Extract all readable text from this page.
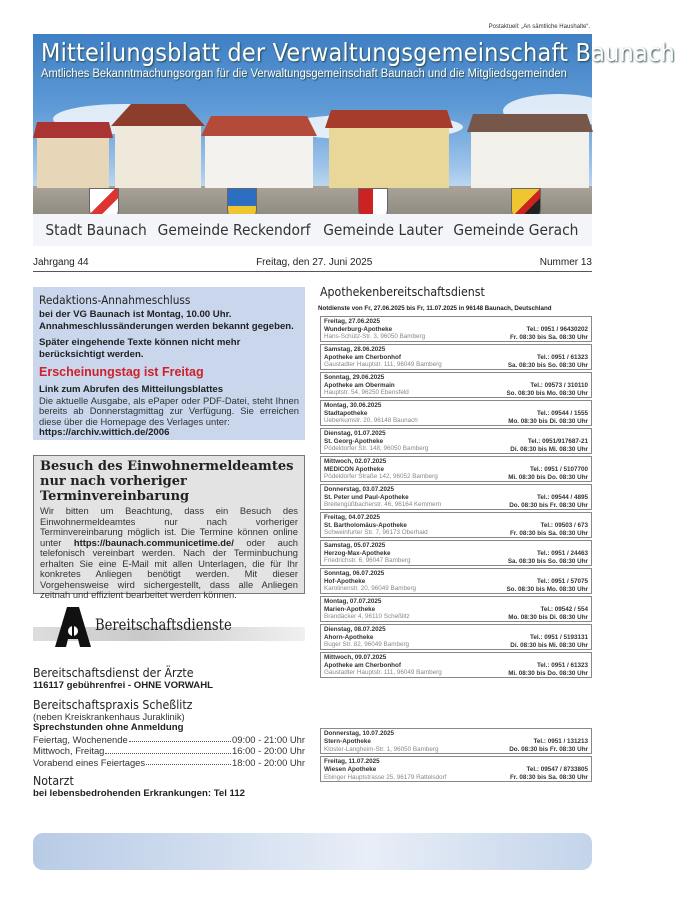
Postaktuell: „An sämtliche Haushalte“.
Mitteilungsblatt der Verwaltungsgemeinschaft Baunach
Amtliches Bekanntmachungsorgan für die Verwaltungsgemeinschaft Baunach und die Mitgliedsgemeinden
Stadt Baunach Gemeinde Reckendorf Gemeinde Lauter Gemeinde Gerach
Jahrgang 44	Freitag, den 27. Juni 2025	Nummer 13
Redaktions-Annahmeschluss
bei der VG Baunach ist Montag, 10.00 Uhr. Annahmeschlussänderungen werden bekannt gegeben.
Später eingehende Texte können nicht mehr berücksichtigt werden.
Erscheinungstag ist Freitag
Link zum Abrufen des Mitteilungsblattes
Die aktuelle Ausgabe, als ePaper oder PDF-Datei, steht Ihnen bereits ab Donnerstagmittag zur Verfügung. Sie erreichen diese über die Homepage des Verlages unter:
https://archiv.wittich.de/2006
Besuch des Einwohnermeldeamtes nur nach vorheriger Terminvereinbarung
Wir bitten um Beachtung, dass ein Besuch des Einwohnermeldeamtes nur nach vorheriger Terminvereinbarung möglich ist. Die Termine können online unter https://baunach.communicetime.de/ oder auch telefonisch vereinbart werden. Nach der Terminbuchung erhalten Sie eine E-Mail mit allen Unterlagen, die für Ihr konkretes Anliegen benötigt werden. Mit dieser Vorgehensweise wird sichergestellt, dass alle Anliegen zeitnah und effizient bearbeitet werden können.
Bereitschaftsdienste
Bereitschaftsdienst der Ärzte
116117 gebührenfrei - OHNE VORWAHL
Bereitschaftspraxis Scheßlitz
(neben Kreiskrankenhaus Juraklinik)
Sprechstunden ohne Anmeldung
Feiertag, Wochenende	09:00 - 21:00 Uhr
Mittwoch, Freitag	16:00 - 20:00 Uhr
Vorabend eines Feiertages	18:00 - 20:00 Uhr
Notarzt
bei lebensbedrohenden Erkrankungen: Tel 112
Apothekenbereitschaftsdienst
Notdienste von Fr, 27.06.2025 bis Fr, 11.07.2025 in 96148 Baunach, Deutschland
Freitag, 27.06.2025
Wunderburg-Apotheke
Hans-Schütz-Str. 3, 96050 Bamberg
Tel.: 0951 / 96430202
Fr. 08:30 bis Sa. 08:30 Uhr
Samstag, 28.06.2025
Apotheke am Cherbonhof
Gaustadter Hauptstr. 111, 96049 Bamberg
Tel.: 0951 / 61323
Sa. 08:30 bis So. 08:30 Uhr
Sonntag, 29.06.2025
Apotheke am Obermain
Hauptstr. 54, 96250 Ebensfeld
Tel.: 09573 / 310110
So. 08:30 bis Mo. 08:30 Uhr
Montag, 30.06.2025
Stadtapotheke
Ueberkumstr. 20, 96148 Baunach
Tel.: 09544 / 1555
Mo. 08:30 bis Di. 08:30 Uhr
Dienstag, 01.07.2025
St. Georg-Apotheke
Pödeldorfer Str. 148, 96050 Bamberg
Tel.: 0951/917687-21
Di. 08:30 bis Mi. 08:30 Uhr
Mittwoch, 02.07.2025
MEDICON Apotheke
Pödeldorfer Straße 142, 96052 Bamberg
Tel.: 0951 / 5107700
Mi. 08:30 bis Do. 08:30 Uhr
Donnerstag, 03.07.2025
St. Peter und Paul-Apotheke
Breitengüßbacherstr. 46, 96164 Kemmern
Tel.: 09544 / 4895
Do. 08:30 bis Fr. 08:30 Uhr
Freitag, 04.07.2025
St. Bartholomäus-Apotheke
Schweinfurter Str. 7, 96173 Oberhaid
Tel.: 09503 / 673
Fr. 08:30 bis Sa. 08:30 Uhr
Samstag, 05.07.2025
Herzog-Max-Apotheke
Friedrichstr. 6, 96047 Bamberg
Tel.: 0951 / 24463
Sa. 08:30 bis So. 08:30 Uhr
Sonntag, 06.07.2025
Hof-Apotheke
Karolinenstr. 20, 96049 Bamberg
Tel.: 0951 / 57075
So. 08:30 bis Mo. 08:30 Uhr
Montag, 07.07.2025
Marien-Apotheke
Brandäcker 4, 96110 Scheßlitz
Tel.: 09542 / 554
Mo. 08:30 bis Di. 08:30 Uhr
Dienstag, 08.07.2025
Ahorn-Apotheke
Buger Str. 82, 96049 Bamberg
Tel.: 0951 / 5193131
Di. 08:30 bis Mi. 08:30 Uhr
Mittwoch, 09.07.2025
Apotheke am Cherbonhof
Gaustadter Hauptstr. 111, 96049 Bamberg
Tel.: 0951 / 61323
Mi. 08:30 bis Do. 08:30 Uhr
Donnerstag, 10.07.2025
Stern-Apotheke
Kloster-Langheim-Str. 1, 96050 Bamberg
Tel.: 0951 / 131213
Do. 08:30 bis Fr. 08:30 Uhr
Freitag, 11.07.2025
Wiesen Apotheke
Ebinger Hauptstrasse 25, 96179 Rattelsdorf
Tel.: 09547 / 8733805
Fr. 08:30 bis Sa. 08:30 Uhr
